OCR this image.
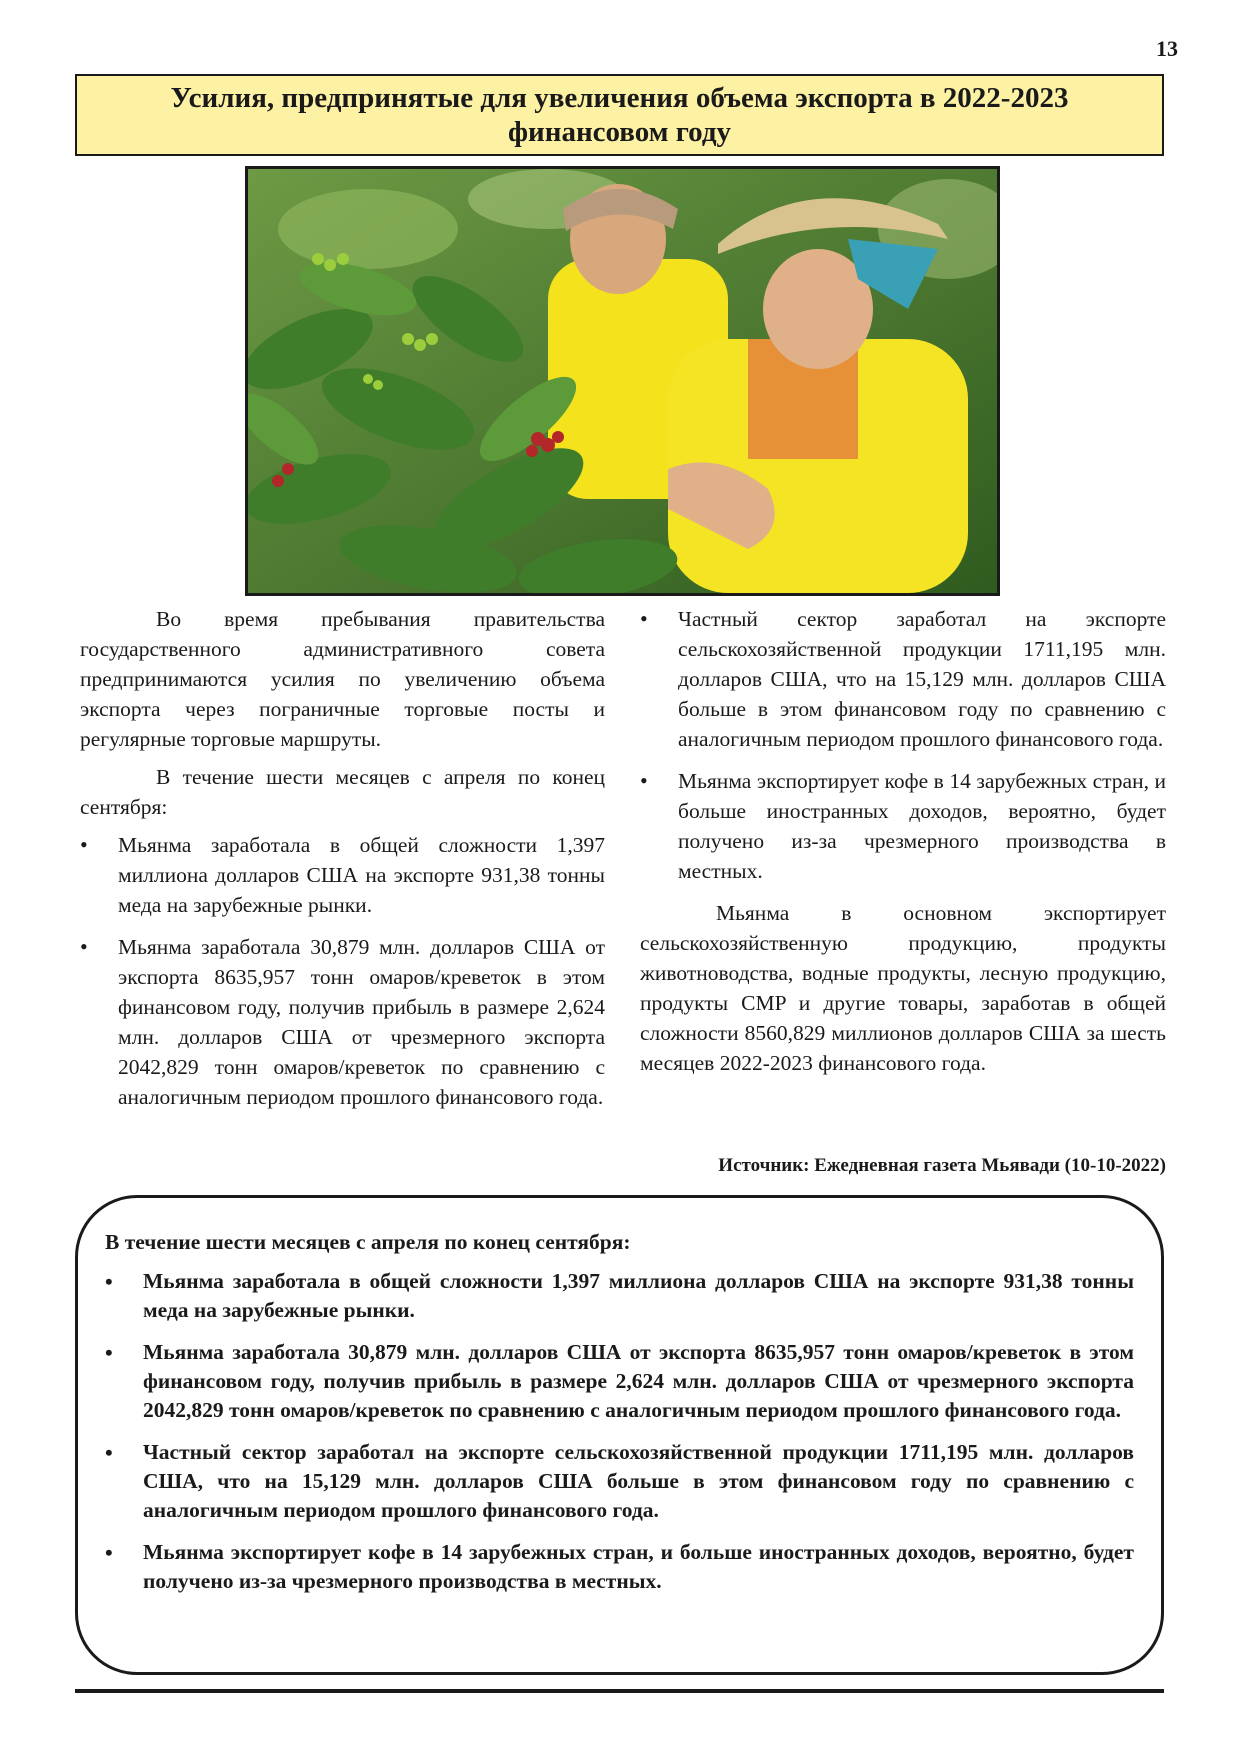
13
Усилия, предпринятые для увеличения объема экспорта в 2022-2023 финансовом году

Во время пребывания правительства государственного административного совета предпринимаются усилия по увеличению объема экспорта через пограничные торговые посты и регулярные торговые маршруты.

В течение шести месяцев с апреля по конец сентября:

• Мьянма заработала в общей сложности 1,397 миллиона долларов США на экспорте 931,38 тонны меда на зарубежные рынки.
• Мьянма заработала 30,879 млн. долларов США от экспорта 8635,957 тонн омаров/креветок в этом финансовом году, получив прибыль в размере 2,624 млн. долларов США от чрезмерного экспорта 2042,829 тонн омаров/креветок по сравнению с аналогичным периодом прошлого финансового года.
• Частный сектор заработал на экспорте сельскохозяйственной продукции 1711,195 млн. долларов США, что на 15,129 млн. долларов США больше в этом финансовом году по сравнению с аналогичным периодом прошлого финансового года.
• Мьянма экспортирует кофе в 14 зарубежных стран, и больше иностранных доходов, вероятно, будет получено из-за чрезмерного производства в местных.

Мьянма в основном экспортирует сельскохозяйственную продукцию, продукты животноводства, водные продукты, лесную продукцию, продукты CMP и другие товары, заработав в общей сложности 8560,829 миллионов долларов США за шесть месяцев 2022-2023 финансового года.

Источник: Ежедневная газета Мьявади (10-10-2022)

В течение шести месяцев с апреля по конец сентября:

• Мьянма заработала в общей сложности 1,397 миллиона долларов США на экспорте 931,38 тонны меда на зарубежные рынки.
• Мьянма заработала 30,879 млн. долларов США от экспорта 8635,957 тонн омаров/креветок в этом финансовом году, получив прибыль в размере 2,624 млн. долларов США от чрезмерного экспорта 2042,829 тонн омаров/креветок по сравнению с аналогичным периодом прошлого финансового года.
• Частный сектор заработал на экспорте сельскохозяйственной продукции 1711,195 млн. долларов США, что на 15,129 млн. долларов США больше в этом финансовом году по сравнению с аналогичным периодом прошлого финансового года.
• Мьянма экспортирует кофе в 14 зарубежных стран, и больше иностранных доходов, вероятно, будет получено из-за чрезмерного производства в местных.
